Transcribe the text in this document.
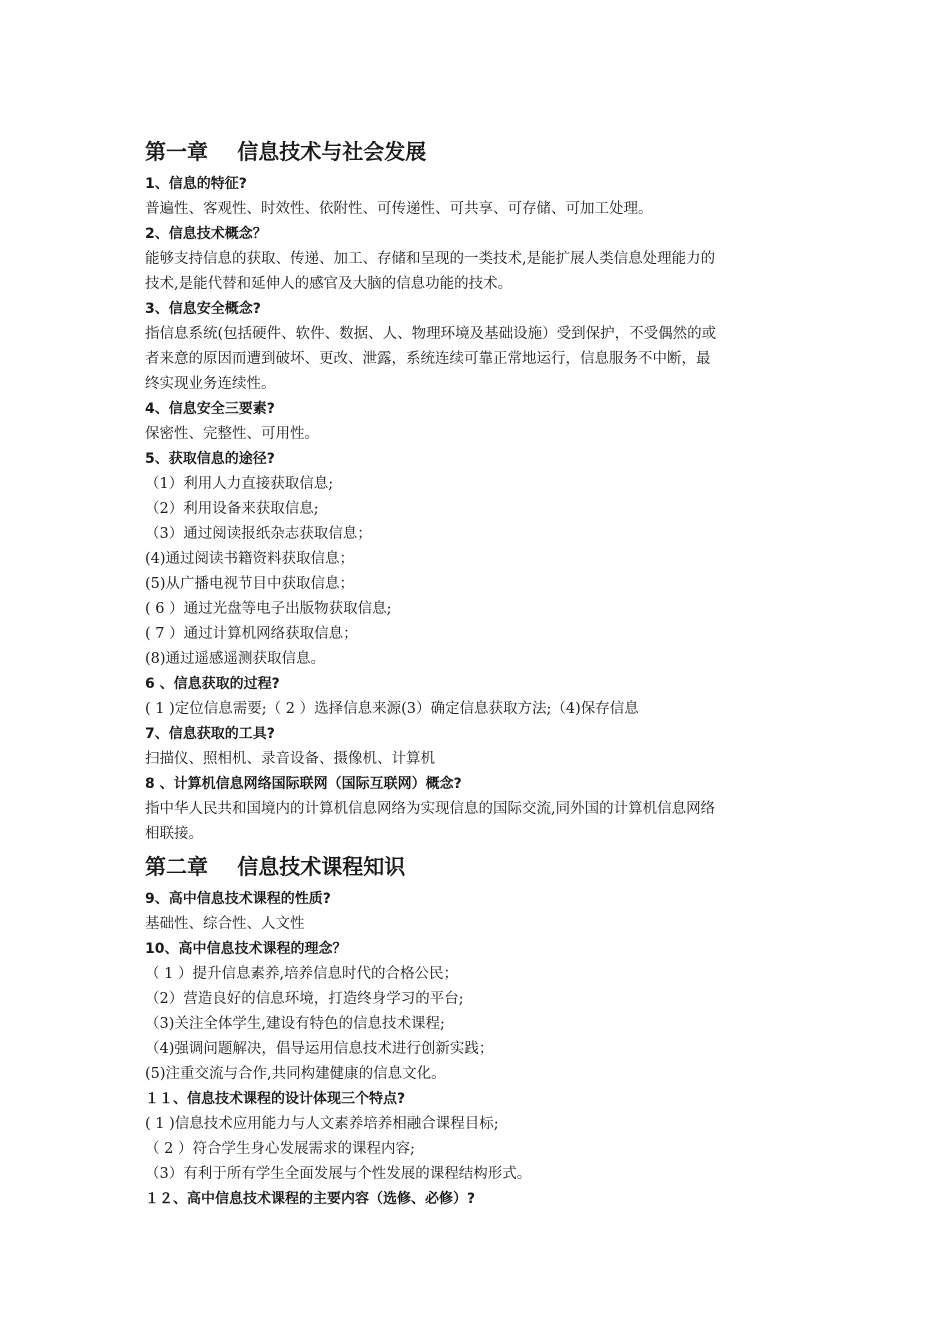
第一章    信息技术与社会发展
1、信息的特征?
普遍性、客观性、时效性、依附性、可传递性、可共享、可存储、可加工处理。
2、信息技术概念？
能够支持信息的获取、传递、加工、存储和呈现的一类技术,是能扩展人类信息处理能力的
技术,是能代替和延伸人的感官及大脑的信息功能的技术。
3、信息安全概念?
指信息系统(包括硬件、软件、数据、人、物理环境及基础设施）受到保护，不受偶然的或
者来意的原因而遭到破坏、更改、泄露，系统连续可靠正常地运行，信息服务不中断，最
终实现业务连续性。
4、信息安全三要素?
保密性、完整性、可用性。
5、获取信息的途径?
（1）利用人力直接获取信息;
（2）利用设备来获取信息;
（3）通过阅读报纸杂志获取信息；
(4)通过阅读书籍资料获取信息；
(5)从广播电视节目中获取信息；
( 6 ）通过光盘等电子出版物获取信息;
( 7 ）通过计算机网络获取信息；
(8)通过遥感遥测获取信息。
6 、信息获取的过程?
( 1 )定位信息需要;（ 2 ）选择信息来源(3）确定信息获取方法;（4)保存信息
7、信息获取的工具?
扫描仪、照相机、录音设备、摄像机、计算机
8 、计算机信息网络国际联网（国际互联网）概念?
指中华人民共和国境内的计算机信息网络为实现信息的国际交流,同外国的计算机信息网络
相联接。
第二章    信息技术课程知识
9、高中信息技术课程的性质?
基础性、综合性、人文性
10、高中信息技术课程的理念？
（ 1 ）提升信息素养,培养信息时代的合格公民；
（2）营造良好的信息环境，打造终身学习的平台;
（3)关注全体学生,建设有特色的信息技术课程;
（4)强调问题解决，倡导运用信息技术进行创新实践；
(5)注重交流与合作,共同构建健康的信息文化。
１１、信息技术课程的设计体现三个特点?
( 1 )信息技术应用能力与人文素养培养相融合课程目标;
（ 2 ）符合学生身心发展需求的课程内容;
（3）有利于所有学生全面发展与个性发展的课程结构形式。
１２、高中信息技术课程的主要内容（选修、必修）?
